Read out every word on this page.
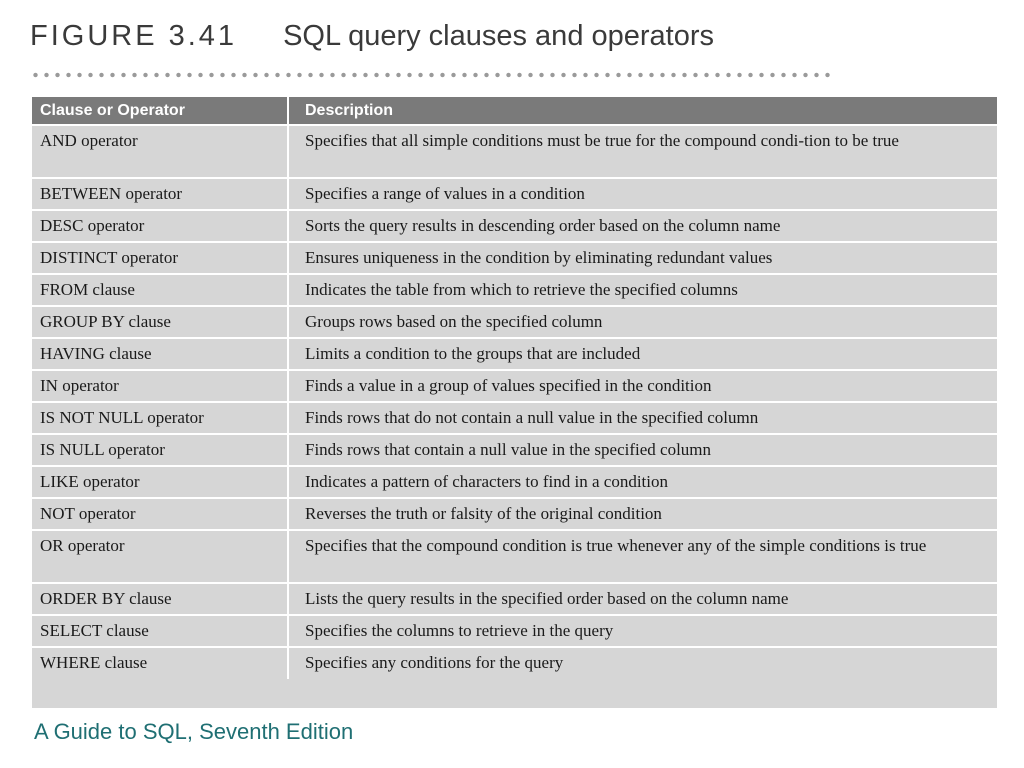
FIGURE 3.41 SQL query clauses and operators
Clause or Operator	Description
AND operator	Specifies that all simple conditions must be true for the compound condi-tion to be true
BETWEEN operator	Specifies a range of values in a condition
DESC operator	Sorts the query results in descending order based on the column name
DISTINCT operator	Ensures uniqueness in the condition by eliminating redundant values
FROM clause	Indicates the table from which to retrieve the specified columns
GROUP BY clause	Groups rows based on the specified column
HAVING clause	Limits a condition to the groups that are included
IN operator	Finds a value in a group of values specified in the condition
IS NOT NULL operator	Finds rows that do not contain a null value in the specified column
IS NULL operator	Finds rows that contain a null value in the specified column
LIKE operator	Indicates a pattern of characters to find in a condition
NOT operator	Reverses the truth or falsity of the original condition
OR operator	Specifies that the compound condition is true whenever any of the simple conditions is true
ORDER BY clause	Lists the query results in the specified order based on the column name
SELECT clause	Specifies the columns to retrieve in the query
WHERE clause	Specifies any conditions for the query
A Guide to SQL, Seventh Edition
